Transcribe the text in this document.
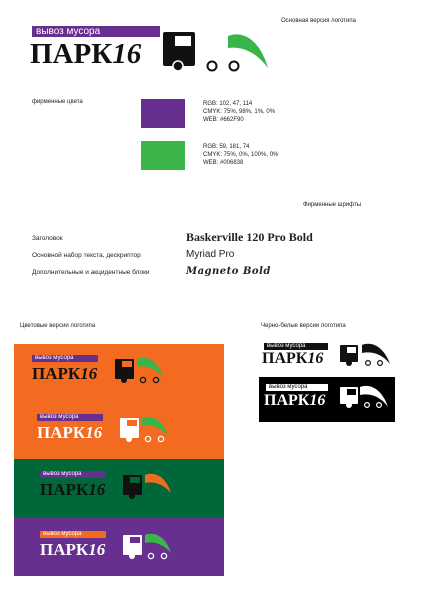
вывоз мусора
ПАРК16
Основная версия логотипа
фирменные цвета	RGB: 102, 47, 114
CMYK: 75%, 98%, 1%, 0%
WEB: #662F90
RGB: 59, 181, 74
CMYK: 75%, 0%, 100%, 0%
WEB: #006838
Фирменные шрифты
Заголовок	Baskerville 120 Pro Bold
Основной набор текста, дескриптор	Myriad Pro
Дополнительные и акцидентные блоки	Magneto Bold
Цветовые версии логотипа
вывоз мусора
ПАРК16
вывоз мусора
ПАРК16
вывоз мусора
ПАРК16
вывоз мусора
ПАРК16
Черно-белые версии логотипа
вывоз мусора
ПАРК16
вывоз мусора
ПАРК16
